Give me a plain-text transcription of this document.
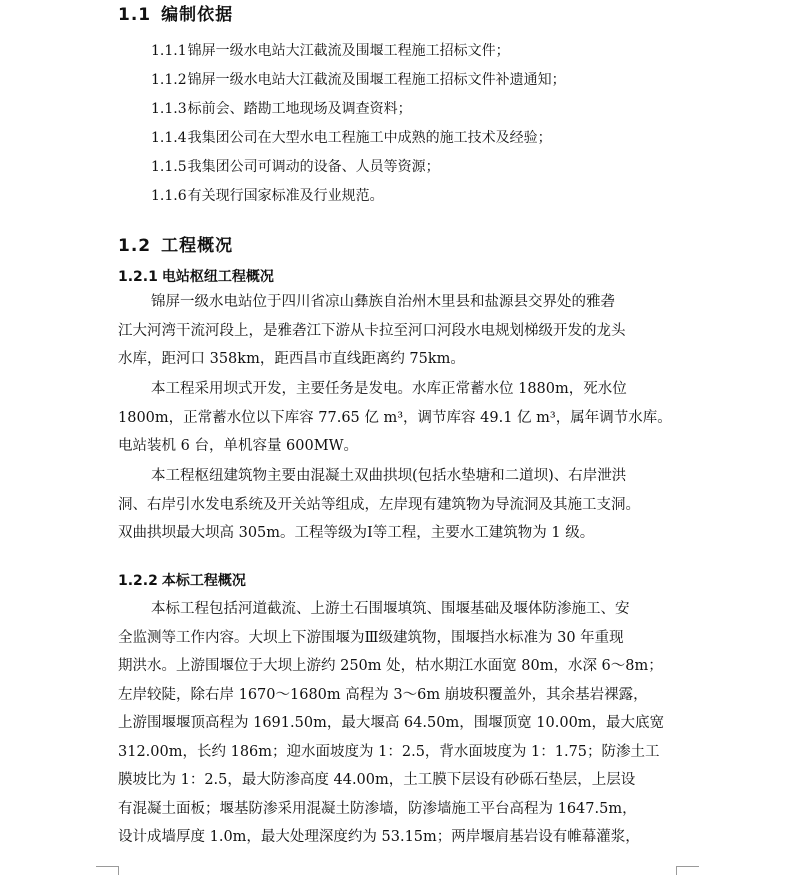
1.1 编制依据
1.1.1锦屏一级水电站大江截流及围堰工程施工招标文件；
1.1.2锦屏一级水电站大江截流及围堰工程施工招标文件补遗通知；
1.1.3标前会、踏勘工地现场及调查资料；
1.1.4我集团公司在大型水电工程施工中成熟的施工技术及经验；
1.1.5我集团公司可调动的设备、人员等资源；
1.1.6有关现行国家标准及行业规范。
1.2 工程概况
1.2.1 电站枢纽工程概况
锦屏一级水电站位于四川省凉山彝族自治州木里县和盐源县交界处的雅砻
江大河湾干流河段上，是雅砻江下游从卡拉至河口河段水电规划梯级开发的龙头
水库，距河口 358km，距西昌市直线距离约 75km。
本工程采用坝式开发，主要任务是发电。水库正常蓄水位 1880m，死水位
1800m，正常蓄水位以下库容 77.65 亿 m³，调节库容 49.1 亿 m³，属年调节水库。
电站装机 6 台，单机容量 600MW。
本工程枢纽建筑物主要由混凝土双曲拱坝(包括水垫塘和二道坝)、右岸泄洪
洞、右岸引水发电系统及开关站等组成，左岸现有建筑物为导流洞及其施工支洞。
双曲拱坝最大坝高 305m。工程等级为Ⅰ等工程，主要水工建筑物为 1 级。
1.2.2 本标工程概况
本标工程包括河道截流、上游土石围堰填筑、围堰基础及堰体防渗施工、安
全监测等工作内容。大坝上下游围堰为Ⅲ级建筑物，围堰挡水标准为 30 年重现
期洪水。上游围堰位于大坝上游约 250m 处，枯水期江水面宽 80m，水深 6～8m；
左岸较陡，除右岸 1670～1680m 高程为 3～6m 崩坡积覆盖外，其余基岩裸露，
上游围堰堰顶高程为 1691.50m，最大堰高 64.50m，围堰顶宽 10.00m，最大底宽
312.00m，长约 186m；迎水面坡度为 1：2.5，背水面坡度为 1：1.75；防渗土工
膜坡比为 1：2.5，最大防渗高度 44.00m，土工膜下层设有砂砾石垫层，上层设
有混凝土面板；堰基防渗采用混凝土防渗墙，防渗墙施工平台高程为 1647.5m，
设计成墙厚度 1.0m，最大处理深度约为 53.15m；两岸堰肩基岩设有帷幕灌浆，
